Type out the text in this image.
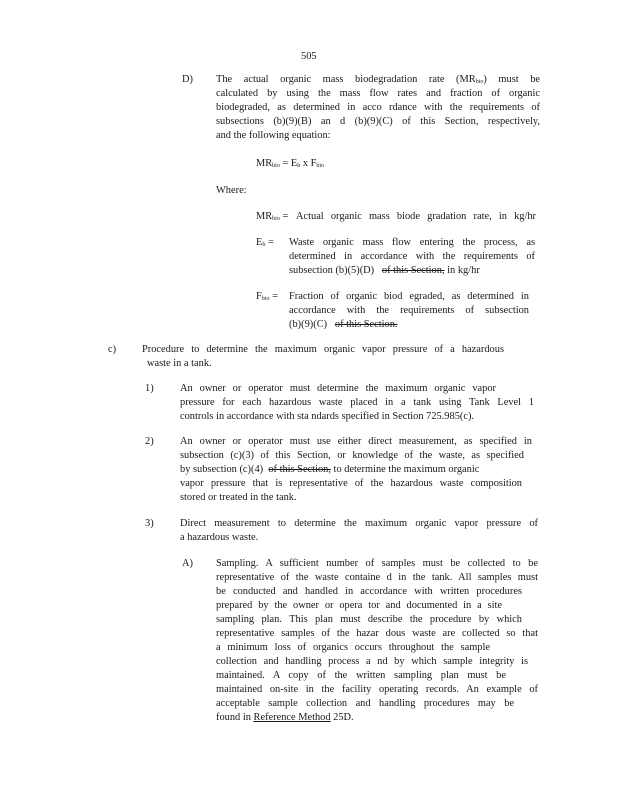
505
D) The actual organic mass biodegradation rate $(MR_{bio})$ must be
calculated by using the mass flow rates and fraction of organic
biodegraded, as determined in acco rdance with the requirements of
subsections (b)(9)(B) an d (b)(9)(C) of this Section, respectively,
and the following equation:
$MR_{bio} = E_b$ x $F_{bio}$
Where:
$MR_{bio}$ = Actual organic mass biode gradation rate, in kg/hr
$E_b$ = Waste organic mass flow entering the process, as
determined in accordance with the requirements of
subsection (b)(5)(D) of this Section, in kg/hr
$F_{bio}$ = Fraction of organic biod egraded, as determined in
accordance with the requirements of subsection
(b)(9)(C) of this Section.
c) Procedure to determine the maximum organic vapor pressure of a hazardous
waste in a tank.
1)	An owner or operator must determine the maximum organic vapor
pressure for each hazardous waste placed in a tank using Tank Level 1
controls in accordance with sta ndards specified in Section 725.985(c).
2)	An owner or operator must use either direct measurement, as specified in
subsection (c)(3) of this Section, or knowledge of the waste, as specified
by subsection (c)(4) of this Section, to determine the maximum organic
vapor pressure that is representative of the hazardous waste composition
stored or treated in the tank.
3)	Direct measurement to determine the maximum organic vapor pressure of
a hazardous waste.
A) Sampling. A sufficient number of samples must be collected to be
representative of the waste containe d in the tank. All samples must
be conducted and handled in accordance with written procedures
prepared by the owner or opera tor and documented in a site
sampling plan. This plan must describe the procedure by which
representative samples of the hazar dous waste are collected so that
a minimum loss of organics occurs throughout the sample
collection and handling process a nd by which sample integrity is
maintained. A copy of the written sampling plan must be
maintained on-site in the facility operating records. An example of
acceptable sample collection and handling procedures may be
found in Reference Method 25D.
